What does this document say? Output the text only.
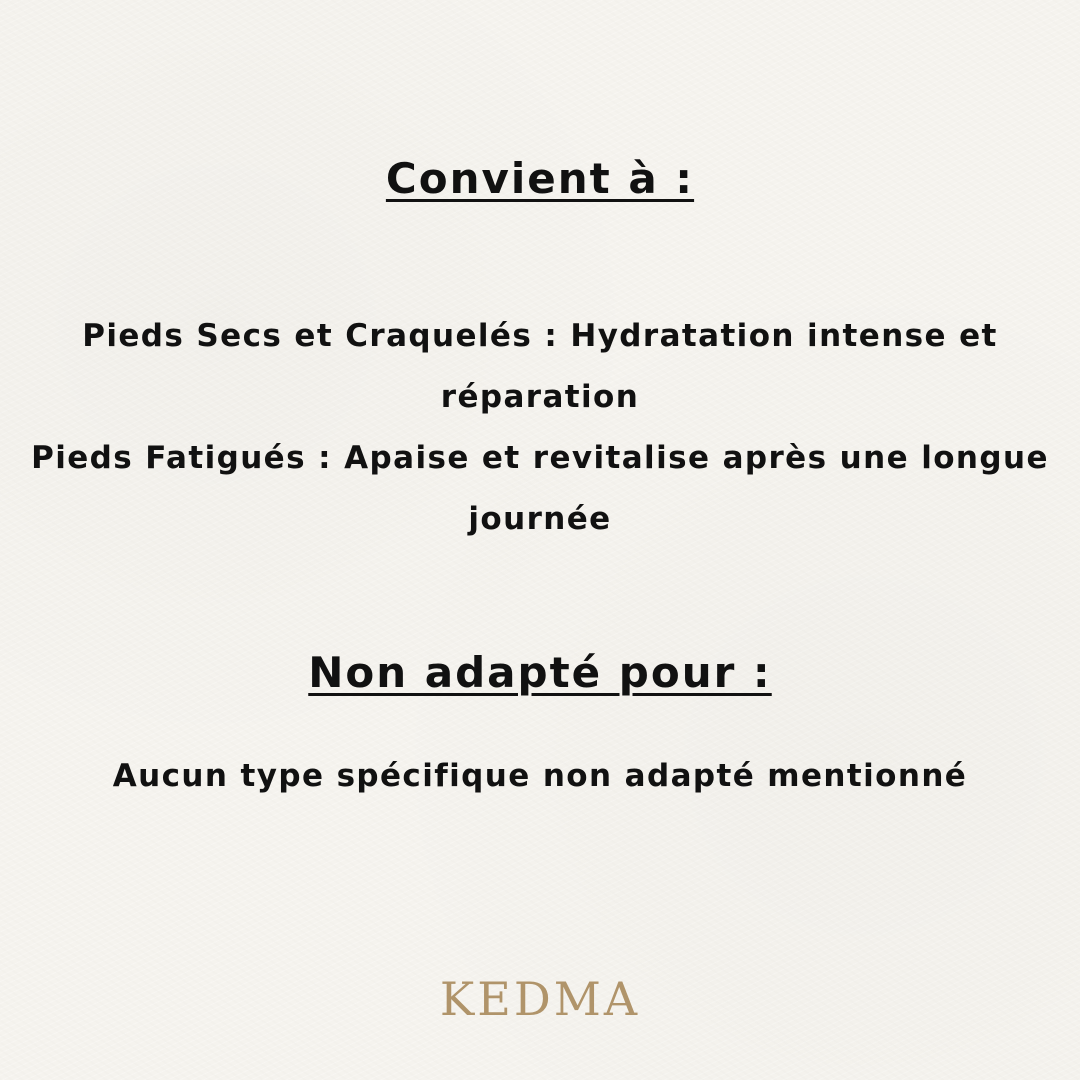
Convient à :
Pieds Secs et Craquelés : Hydratation intense et réparation
Pieds Fatigués : Apaise et revitalise après une longue journée
Non adapté pour :
Aucun type spécifique non adapté mentionné
KEDMA
